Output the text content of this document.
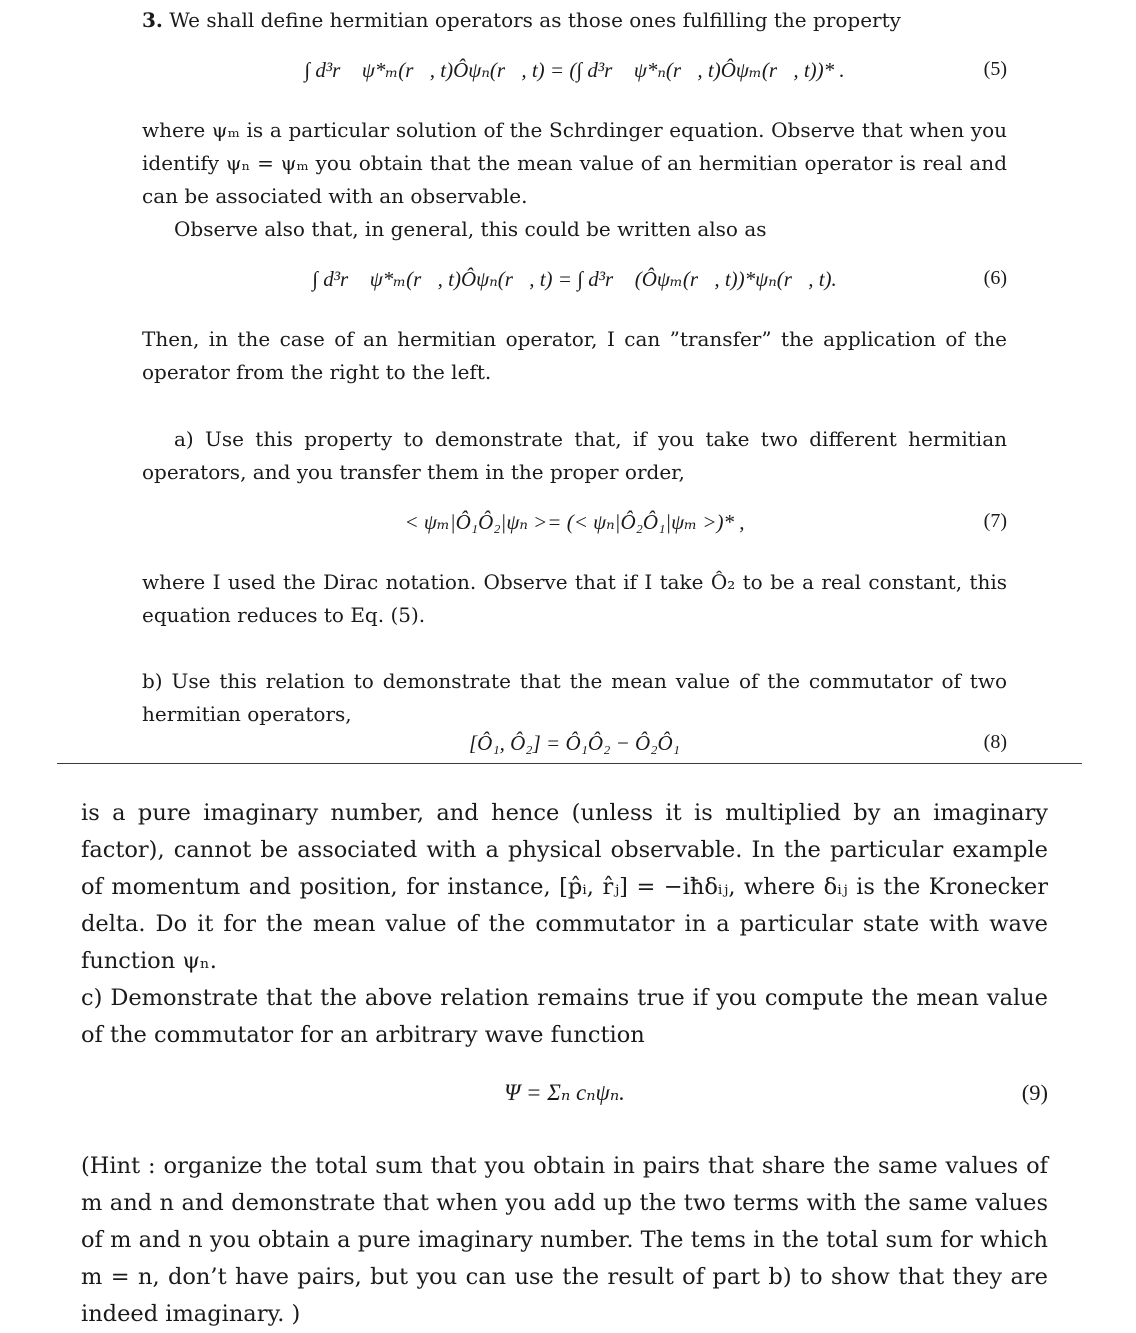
3. We shall define hermitian operators as those ones fulfilling the property
∫ d³r⃗ ψ*ₘ(r⃗, t)Ôψₙ(r⃗, t) = (∫ d³r⃗ ψ*ₙ(r⃗, t)Ôψₘ(r⃗, t))* .	(5)
where ψₘ is a particular solution of the Schrdinger equation. Observe that when you identify ψₙ = ψₘ you obtain that the mean value of an hermitian operator is real and can be associated with an observable.
Observe also that, in general, this could be written also as
∫ d³r⃗ ψ*ₘ(r⃗, t)Ôψₙ(r⃗, t) = ∫ d³r⃗ (Ôψₘ(r⃗, t))*ψₙ(r⃗, t).	(6)
Then, in the case of an hermitian operator, I can ”transfer” the application of the operator from the right to the left.
a) Use this property to demonstrate that, if you take two different hermitian operators, and you transfer them in the proper order,
< ψₘ|Ô₁Ô₂|ψₙ >= (< ψₙ|Ô₂Ô₁|ψₘ >)* ,	(7)
where I used the Dirac notation. Observe that if I take Ô₂ to be a real constant, this equation reduces to Eq. (5).
b) Use this relation to demonstrate that the mean value of the commutator of two hermitian operators,
[Ô₁, Ô₂] = Ô₁Ô₂ − Ô₂Ô₁	(8)
is a pure imaginary number, and hence (unless it is multiplied by an imaginary factor), cannot be associated with a physical observable. In the particular example of momentum and position, for instance, [p̂ᵢ, r̂ⱼ] = −iħδᵢⱼ, where δᵢⱼ is the Kronecker delta. Do it for the mean value of the commutator in a particular state with wave function ψₙ.
c) Demonstrate that the above relation remains true if you compute the mean value of the commutator for an arbitrary wave function
Ψ = Σₙ cₙψₙ.	(9)
(Hint : organize the total sum that you obtain in pairs that share the same values of m and n and demonstrate that when you add up the two terms with the same values of m and n you obtain a pure imaginary number. The tems in the total sum for which m = n, don’t have pairs, but you can use the result of part b) to show that they are indeed imaginary. )
